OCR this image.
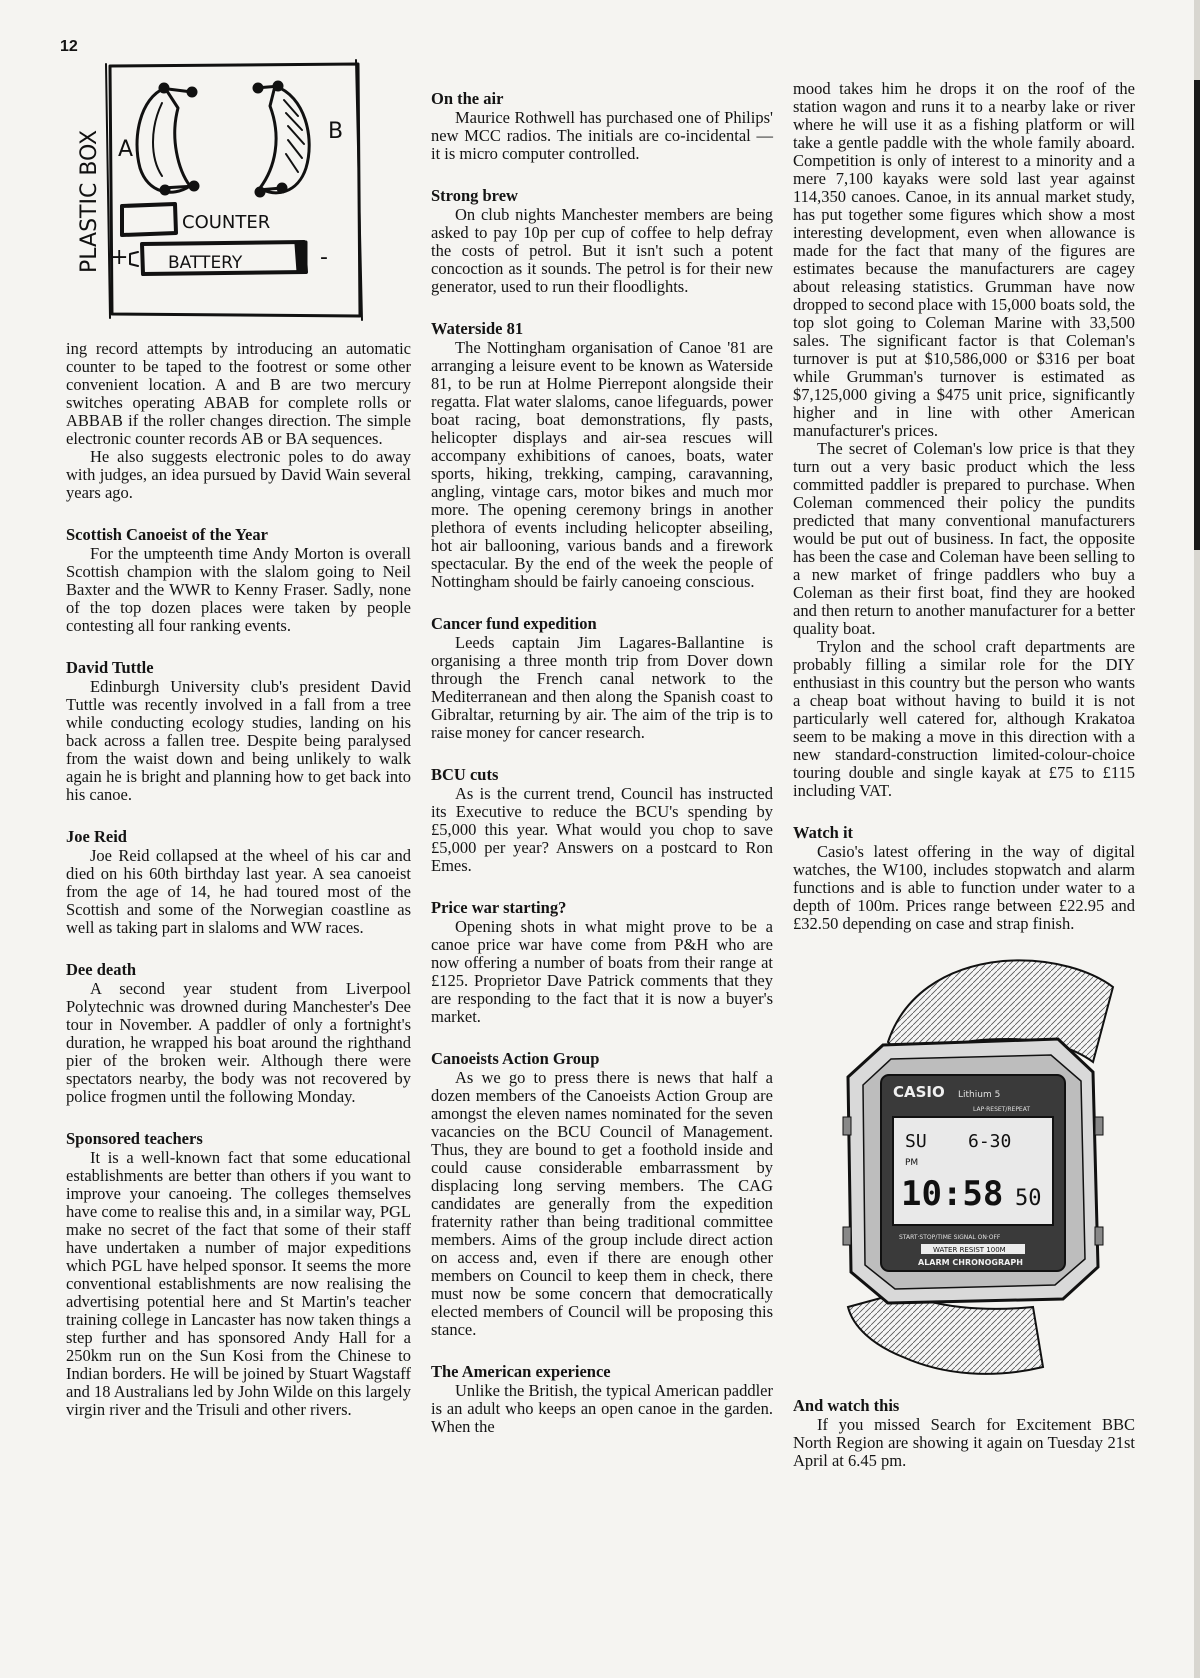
12
PLASTIC BOX A
B
COUNTER
BATTERY
+	-

ing record attempts by introducing an automatic counter to be taped to the footrest or some other convenient location. A and B are two mercury switches operating ABAB for complete rolls or ABBAB if the roller changes direction. The simple electronic counter records AB or BA sequences.

He also suggests electronic poles to do away with judges, an idea pursued by David Wain several years ago.

Scottish Canoeist of the Year

For the umpteenth time Andy Morton is overall Scottish champion with the slalom going to Neil Baxter and the WWR to Kenny Fraser. Sadly, none of the top dozen places were taken by people contesting all four ranking events.

David Tuttle

Edinburgh University club's president David Tuttle was recently involved in a fall from a tree while conducting ecology studies, landing on his back across a fallen tree. Despite being paralysed from the waist down and being unlikely to walk again he is bright and planning how to get back into his canoe.

Joe Reid

Joe Reid collapsed at the wheel of his car and died on his 60th birthday last year. A sea canoeist from the age of 14, he had toured most of the Scottish and some of the Norwegian coastline as well as taking part in slaloms and WW races.

Dee death

A second year student from Liverpool Polytechnic was drowned during Manchester's Dee tour in November. A paddler of only a fortnight's duration, he wrapped his boat around the righthand pier of the broken weir. Although there were spectators nearby, the body was not recovered by police frogmen until the following Monday.

Sponsored teachers

It is a well-known fact that some educational establishments are better than others if you want to improve your canoeing. The colleges themselves have come to realise this and, in a similar way, PGL make no secret of the fact that some of their staff have undertaken a number of major expeditions which PGL have helped sponsor. It seems the more conventional establishments are now realising the advertising potential here and St Martin's teacher training college in Lancaster has now taken things a step further and has sponsored Andy Hall for a 250km run on the Sun Kosi from the Chinese to Indian borders. He will be joined by Stuart Wagstaff and 18 Australians led by John Wilde on this largely virgin river and the Trisuli and other rivers.

On the air

Maurice Rothwell has purchased one of Philips' new MCC radios. The initials are co-incidental — it is micro computer controlled.

Strong brew

On club nights Manchester members are being asked to pay 10p per cup of coffee to help defray the costs of petrol. But it isn't such a potent concoction as it sounds. The petrol is for their new generator, used to run their floodlights.

Waterside 81

The Nottingham organisation of Canoe '81 are arranging a leisure event to be known as Waterside 81, to be run at Holme Pierrepont alongside their regatta. Flat water slaloms, canoe lifeguards, power boat racing, boat demonstrations, fly pasts, helicopter displays and air-sea rescues will accompany exhibitions of canoes, boats, water sports, hiking, trekking, camping, caravanning, angling, vintage cars, motor bikes and much mor more. The opening ceremony brings in another plethora of events including helicopter abseiling, hot air ballooning, various bands and a firework spectacular. By the end of the week the people of Nottingham should be fairly canoeing conscious.

Cancer fund expedition

Leeds captain Jim Lagares-Ballantine is organising a three month trip from Dover down through the French canal network to the Mediterranean and then along the Spanish coast to Gibraltar, returning by air. The aim of the trip is to raise money for cancer research.

BCU cuts

As is the current trend, Council has instructed its Executive to reduce the BCU's spending by £5,000 this year. What would you chop to save £5,000 per year? Answers on a postcard to Ron Emes.

Price war starting?

Opening shots in what might prove to be a canoe price war have come from P&H who are now offering a number of boats from their range at £125. Proprietor Dave Patrick comments that they are responding to the fact that it is now a buyer's market.

Canoeists Action Group

As we go to press there is news that half a dozen members of the Canoeists Action Group are amongst the eleven names nominated for the seven vacancies on the BCU Council of Management. Thus, they are bound to get a foothold inside and could cause considerable embarrassment by displacing long serving members. The CAG candidates are generally from the expedition fraternity rather than being traditional committee members. Aims of the group include direct action on access and, even if there are enough other members on Council to keep them in check, there must now be some concern that democratically elected members of Council will be proposing this stance.

The American experience

Unlike the British, the typical American paddler is an adult who keeps an open canoe in the garden. When the

mood takes him he drops it on the roof of the station wagon and runs it to a nearby lake or river where he will use it as a fishing platform or will take a gentle paddle with the whole family aboard. Competition is only of interest to a minority and a mere 7,100 kayaks were sold last year against 114,350 canoes. Canoe, in its annual market study, has put together some figures which show a most interesting development, even when allowance is made for the fact that many of the figures are estimates because the manufacturers are cagey about releasing statistics. Grumman have now dropped to second place with 15,000 boats sold, the top slot going to Coleman Marine with 33,500 sales. The significant factor is that Coleman's turnover is put at $10,586,000 or $316 per boat while Grumman's turnover is estimated as $7,125,000 giving a $475 unit price, significantly higher and in line with other American manufacturer's prices.

The secret of Coleman's low price is that they turn out a very basic product which the less committed paddler is prepared to purchase. When Coleman commenced their policy the pundits predicted that many conventional manufacturers would be put out of business. In fact, the opposite has been the case and Coleman have been selling to a new market of fringe paddlers who buy a Coleman as their first boat, find they are hooked and then return to another manufacturer for a better quality boat.

Trylon and the school craft departments are probably filling a similar role for the DIY enthusiast in this country but the person who wants a cheap boat without having to build it is not particularly well catered for, although Krakatoa seem to be making a move in this direction with a new standard-construction limited-colour-choice touring double and single kayak at £75 to £115 including VAT.

Watch it

Casio's latest offering in the way of digital watches, the W100, includes stopwatch and alarm functions and is able to function under water to a depth of 100m. Prices range between £22.95 and £32.50 depending on case and strap finish.

CASIO Lithium 5
LAP·RESET/REPEAT
SU 6-30
PM
10:58 50
START·STOP/TIME SIGNAL ON·OFF
WATER RESIST 100M
ALARM CHRONOGRAPH
And watch this

If you missed Search for Excitement BBC North Region are showing it again on Tuesday 21st April at 6.45 pm.
